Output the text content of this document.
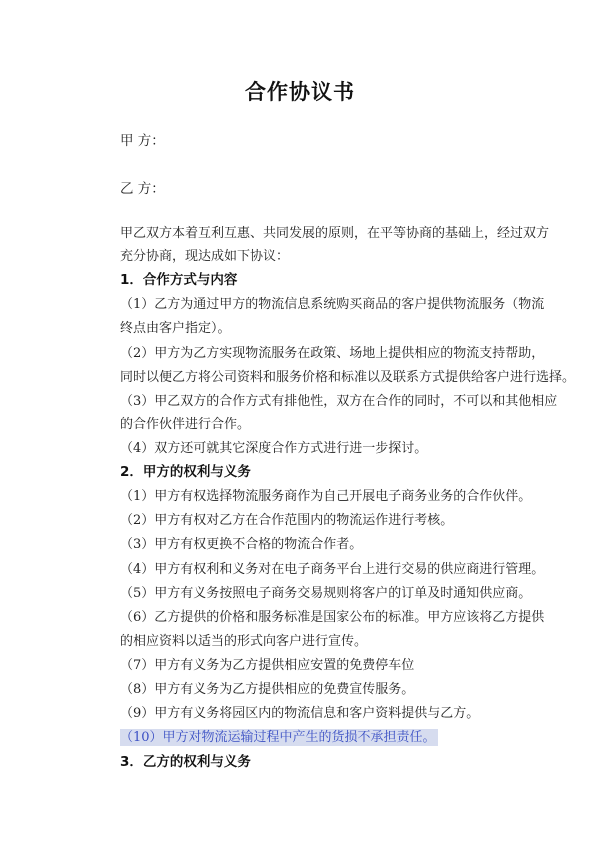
合作协议书
甲 方：
乙 方：
甲乙双方本着互利互惠、共同发展的原则，在平等协商的基础上，经过双方
充分协商，现达成如下协议：
1．合作方式与内容
（1）乙方为通过甲方的物流信息系统购买商品的客户提供物流服务（物流
终点由客户指定）。
（2）甲方为乙方实现物流服务在政策、场地上提供相应的物流支持帮助，
同时以便乙方将公司资料和服务价格和标准以及联系方式提供给客户进行选择。
（3）甲乙双方的合作方式有排他性，双方在合作的同时，不可以和其他相应
的合作伙伴进行合作。
（4）双方还可就其它深度合作方式进行进一步探讨。
2．甲方的权利与义务
（1）甲方有权选择物流服务商作为自己开展电子商务业务的合作伙伴。
（2）甲方有权对乙方在合作范围内的物流运作进行考核。
（3）甲方有权更换不合格的物流合作者。
（4）甲方有权利和义务对在电子商务平台上进行交易的供应商进行管理。
（5）甲方有义务按照电子商务交易规则将客户的订单及时通知供应商。
（6）乙方提供的价格和服务标准是国家公布的标准。甲方应该将乙方提供
的相应资料以适当的形式向客户进行宣传。
（7）甲方有义务为乙方提供相应安置的免费停车位
（8）甲方有义务为乙方提供相应的免费宣传服务。
（9）甲方有义务将园区内的物流信息和客户资料提供与乙方。
（10）甲方对物流运输过程中产生的货损不承担责任。
3．乙方的权利与义务
